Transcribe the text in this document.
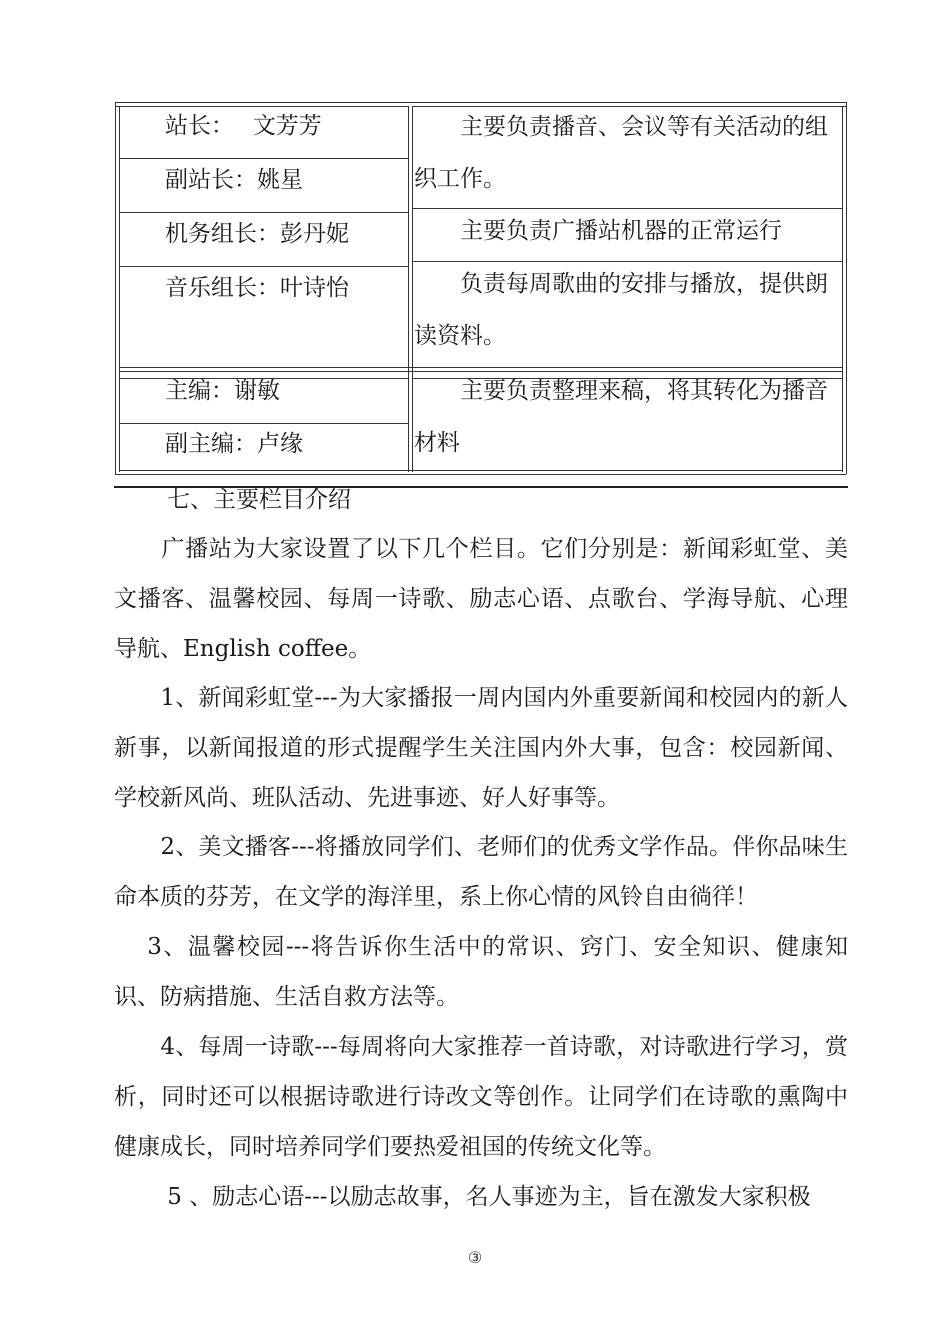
站长：　 文芳芳
副站长：姚星
机务组长：彭丹妮
音乐组长：叶诗怡
　　主要负责播音、会议等有关活动的组织工作。
　　主要负责广播站机器的正常运行
　　负责每周歌曲的安排与播放，提供朗读资料。
主编：谢敏
副主编：卢缘
　　主要负责整理来稿，将其转化为播音材料
七、主要栏目介绍
　　广播站为大家设置了以下几个栏目。它们分别是：新闻彩虹堂、美文播客、温馨校园、每周一诗歌、励志心语、点歌台、学海导航、心理导航、English coffee。
　　1、新闻彩虹堂---为大家播报一周内国内外重要新闻和校园内的新人新事，以新闻报道的形式提醒学生关注国内外大事，包含：校园新闻、学校新风尚、班队活动、先进事迹、好人好事等。
　　2、美文播客---将播放同学们、老师们的优秀文学作品。伴你品味生命本质的芬芳，在文学的海洋里，系上你心情的风铃自由徜徉！
　 3、温馨校园---将告诉你生活中的常识、窍门、安全知识、健康知识、防病措施、生活自救方法等。
　　4、每周一诗歌---每周将向大家推荐一首诗歌，对诗歌进行学习，赏析，同时还可以根据诗歌进行诗改文等创作。让同学们在诗歌的熏陶中健康成长，同时培养同学们要热爱祖国的传统文化等。
　　 5 、励志心语---以励志故事，名人事迹为主，旨在激发大家积极
③
